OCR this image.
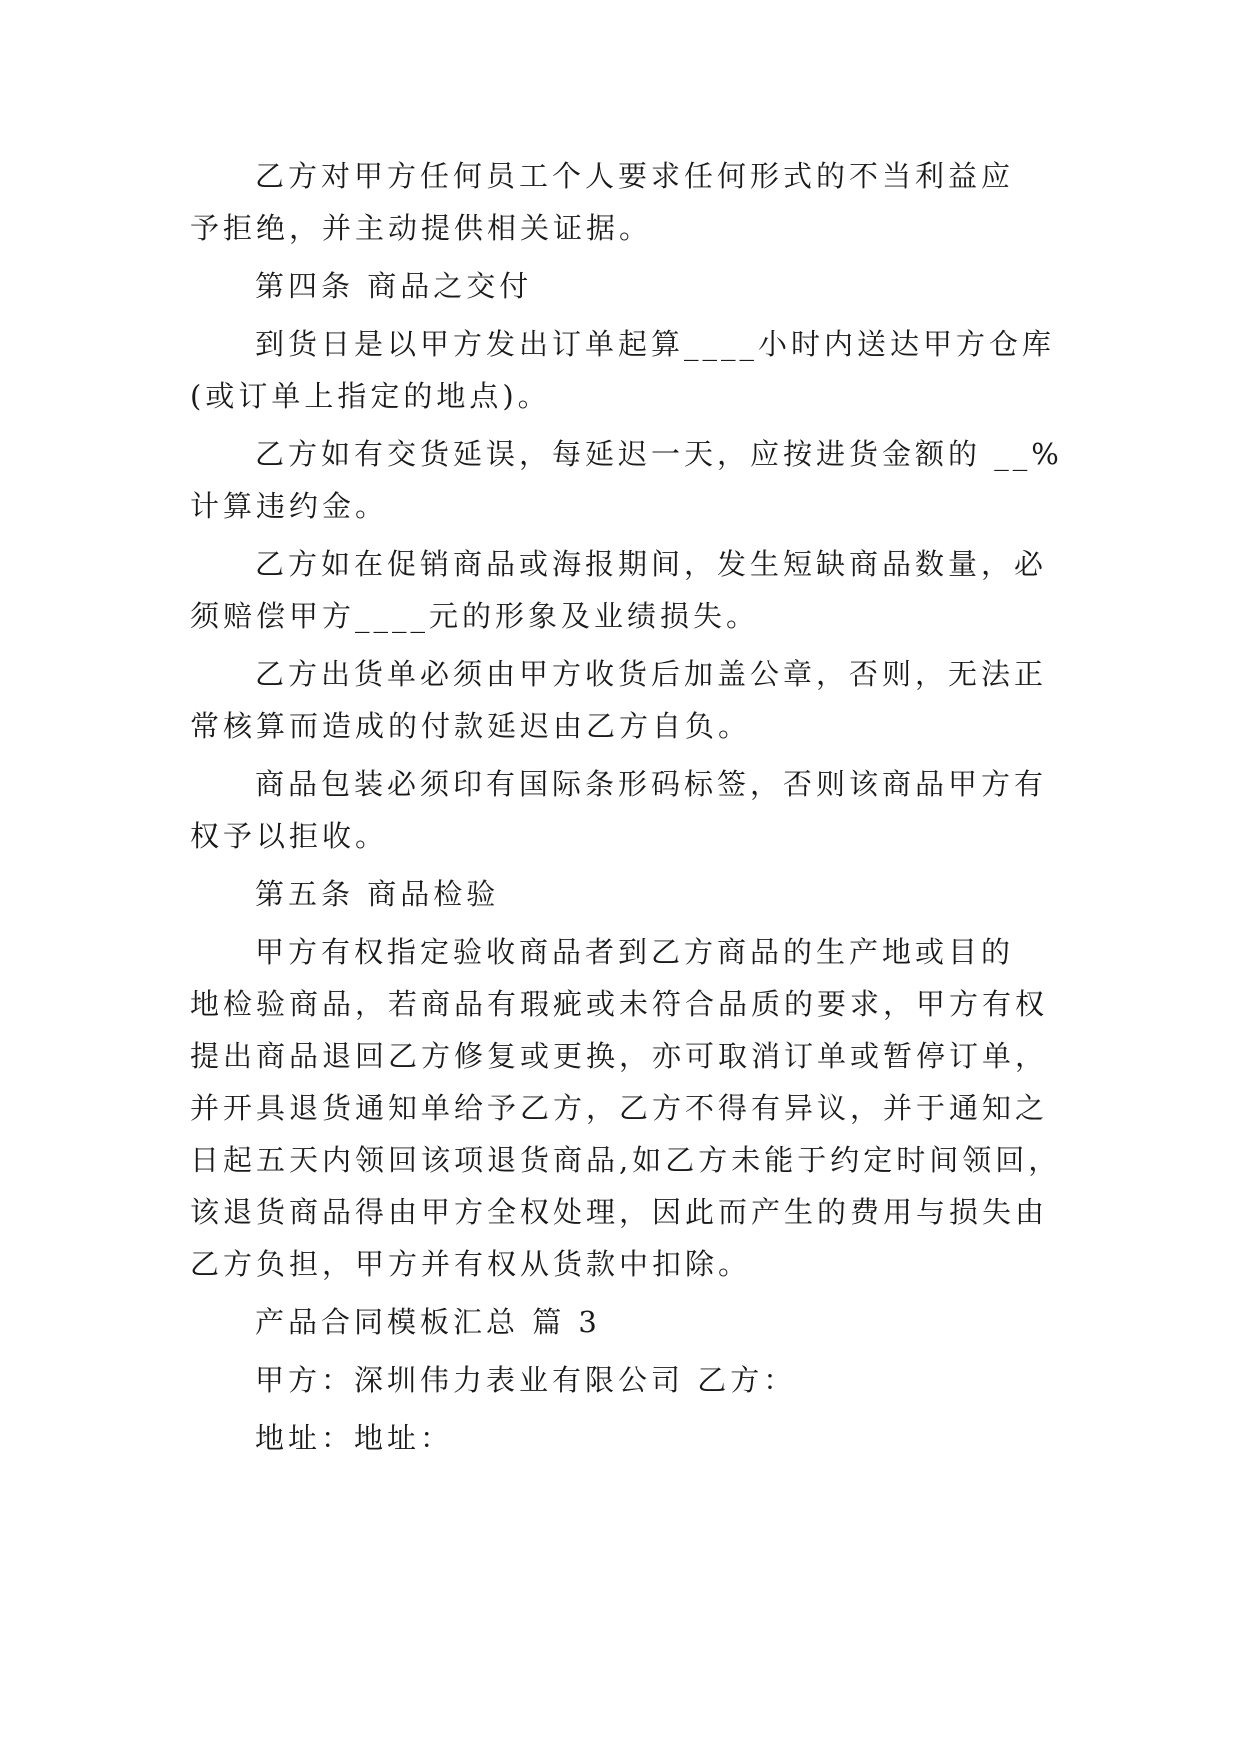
乙方对甲方任何员工个人要求任何形式的不当利益应
予拒绝，并主动提供相关证据。
第四条 商品之交付
到货日是以甲方发出订单起算____小时内送达甲方仓库
(或订单上指定的地点)。
乙方如有交货延误，每延迟一天，应按进货金额的 __%
计算违约金。
乙方如在促销商品或海报期间，发生短缺商品数量，必
须赔偿甲方____元的形象及业绩损失。
乙方出货单必须由甲方收货后加盖公章，否则，无法正
常核算而造成的付款延迟由乙方自负。
商品包装必须印有国际条形码标签，否则该商品甲方有
权予以拒收。
第五条 商品检验
甲方有权指定验收商品者到乙方商品的生产地或目的
地检验商品，若商品有瑕疵或未符合品质的要求，甲方有权
提出商品退回乙方修复或更换，亦可取消订单或暂停订单，
并开具退货通知单给予乙方，乙方不得有异议，并于通知之
日起五天内领回该项退货商品,如乙方未能于约定时间领回，
该退货商品得由甲方全权处理，因此而产生的费用与损失由
乙方负担，甲方并有权从货款中扣除。
产品合同模板汇总 篇 3
甲方：深圳伟力表业有限公司 乙方：
地址：地址：
